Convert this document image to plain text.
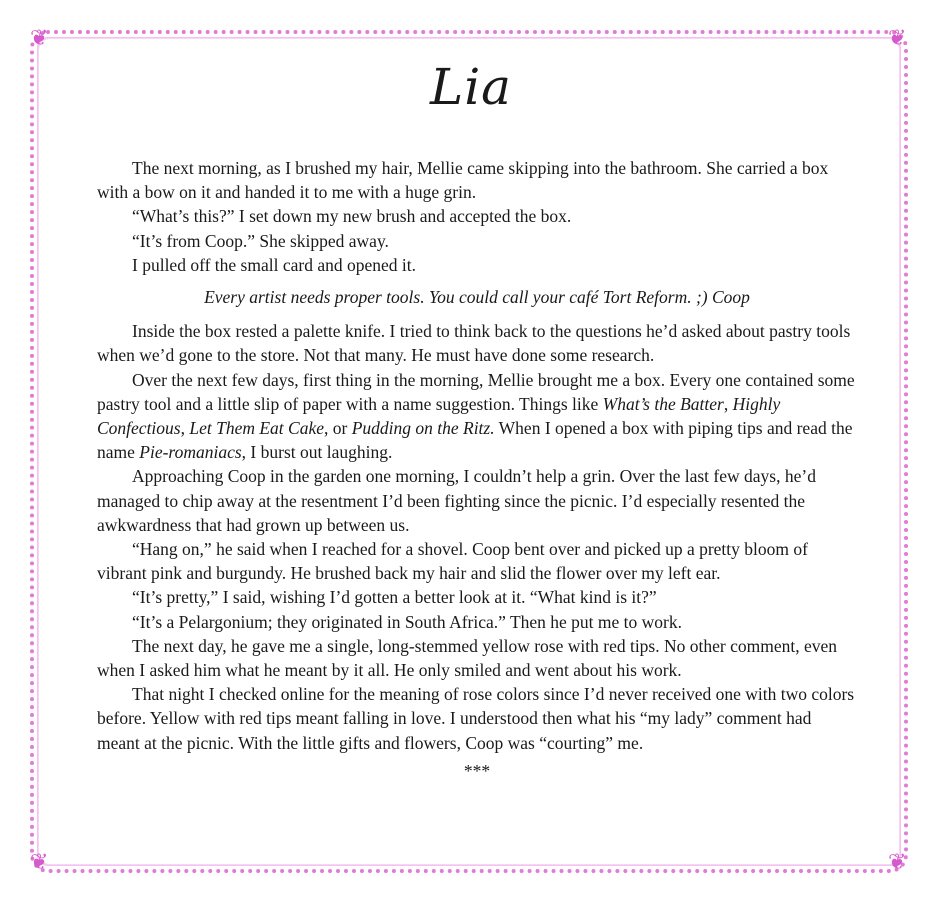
❦	❦
❦	❦
Lia

The next morning, as I brushed my hair, Mellie came skipping into the bathroom. She carried a box with a bow on it and handed it to me with a huge grin.

“What’s this?” I set down my new brush and accepted the box.

“It’s from Coop.” She skipped away.

I pulled off the small card and opened it.

Every artist needs proper tools. You could call your café Tort Reform. ;) Coop

Inside the box rested a palette knife. I tried to think back to the questions he’d asked about pastry tools when we’d gone to the store. Not that many. He must have done some research.

Over the next few days, first thing in the morning, Mellie brought me a box. Every one contained some pastry tool and a little slip of paper with a name suggestion. Things like What’s the Batter, Highly Confectious, Let Them Eat Cake, or Pudding on the Ritz. When I opened a box with piping tips and read the name Pie-romaniacs, I burst out laughing.

Approaching Coop in the garden one morning, I couldn’t help a grin. Over the last few days, he’d managed to chip away at the resentment I’d been fighting since the picnic. I’d especially resented the awkwardness that had grown up between us.

“Hang on,” he said when I reached for a shovel. Coop bent over and picked up a pretty bloom of vibrant pink and burgundy. He brushed back my hair and slid the flower over my left ear.

“It’s pretty,” I said, wishing I’d gotten a better look at it. “What kind is it?”

“It’s a Pelargonium; they originated in South Africa.” Then he put me to work.

The next day, he gave me a single, long-stemmed yellow rose with red tips. No other comment, even when I asked him what he meant by it all. He only smiled and went about his work.

That night I checked online for the meaning of rose colors since I’d never received one with two colors before. Yellow with red tips meant falling in love. I understood then what his “my lady” comment had meant at the picnic. With the little gifts and flowers, Coop was “courting” me.

***
